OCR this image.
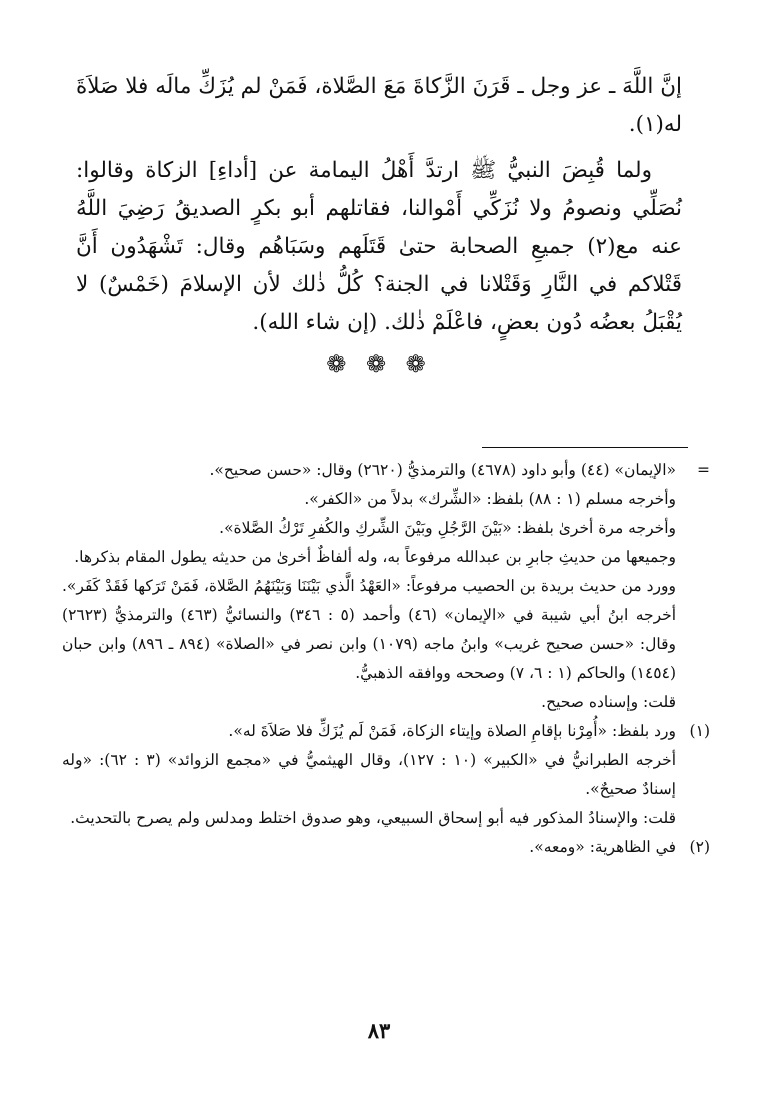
إنَّ اللَّهَ ـ عز وجل ـ قَرَنَ الزَّكاةَ مَعَ الصَّلاة، فَمَنْ لم يُزَكِّ مالَه فلا صَلاَةَ له(١).

ولما قُبِضَ النبيُّ ﷺ ارتدَّ أَهْلُ اليمامة عن [أداءِ] الزكاة وقالوا: نُصَلِّي ونصومُ ولا نُزَكِّي أَمْوالنا، فقاتلهم أبو بكرٍ الصديقُ رَضِيَ اللَّهُ عنه مع(٢) جميعِ الصحابة حتىٰ قَتَلَهم وسَبَاهُم وقال: تَشْهَدُون أَنَّ قَتْلاكم في النَّارِ وَقَتْلانا في الجنة؟ كُلُّ ذٰلك لأن الإسلامَ (خَمْسٌ) لا يُقْبَلُ بعضُه دُون بعضٍ، فاعْلَمْ ذٰلك. (إن شاء الله).

❁ ❁ ❁
=
«الإيمان» (٤٤) وأبو داود (٤٦٧٨) والترمذيُّ (٢٦٢٠) وقال: «حسن صحيح».
وأخرجه مسلم (١ : ٨٨) بلفظ: «الشِّرك» بدلاً من «الكفر».
وأخرجه مرة أخرىٰ بلفظ: «بَيْنَ الرَّجُلِ وبَيْنَ الشِّركِ والكُفرِ تَرْكُ الصَّلاة».
وجميعها من حديثِ جابرِ بن عبدالله مرفوعاً به، وله ألفاظٌ أخرىٰ من حديثه يطول المقام بذكرها.
وورد من حديث بريدة بن الحصيب مرفوعاً: «العَهْدُ الَّذي بَيْنَنَا وَبَيْنَهُمُ الصَّلاة، فَمَنْ تَرَكها فَقَدْ كَفَر». أخرجه ابنُ أبي شيبة في «الإيمان» (٤٦) وأحمد (٥ : ٣٤٦) والنسائيُّ (٤٦٣) والترمذيُّ (٢٦٢٣) وقال: «حسن صحيح غريب» وابنُ ماجه (١٠٧٩) وابن نصر في «الصلاة» (٨٩٤ ـ ٨٩٦) وابن حبان (١٤٥٤) والحاكم (١ : ٦، ٧) وصححه ووافقه الذهبيُّ.
قلت: وإسناده صحيح.
(١)
ورد بلفظ: «أُمِرْنا بإقامِ الصلاة وإيتاء الزكاة، فَمَنْ لَم يُزَكِّ فلا صَلاَةَ له».
أخرجه الطبرانيُّ في «الكبير» (١٠ : ١٢٧)، وقال الهيثميُّ في «مجمع الزوائد» (٣ : ٦٢): «وله إسنادٌ صحيحٌ».
قلت: والإسنادُ المذكور فيه أبو إسحاق السبيعي، وهو صدوق اختلط ومدلس ولم يصرح بالتحديث.
(٢)
في الظاهرية: «ومعه».
٨٣
